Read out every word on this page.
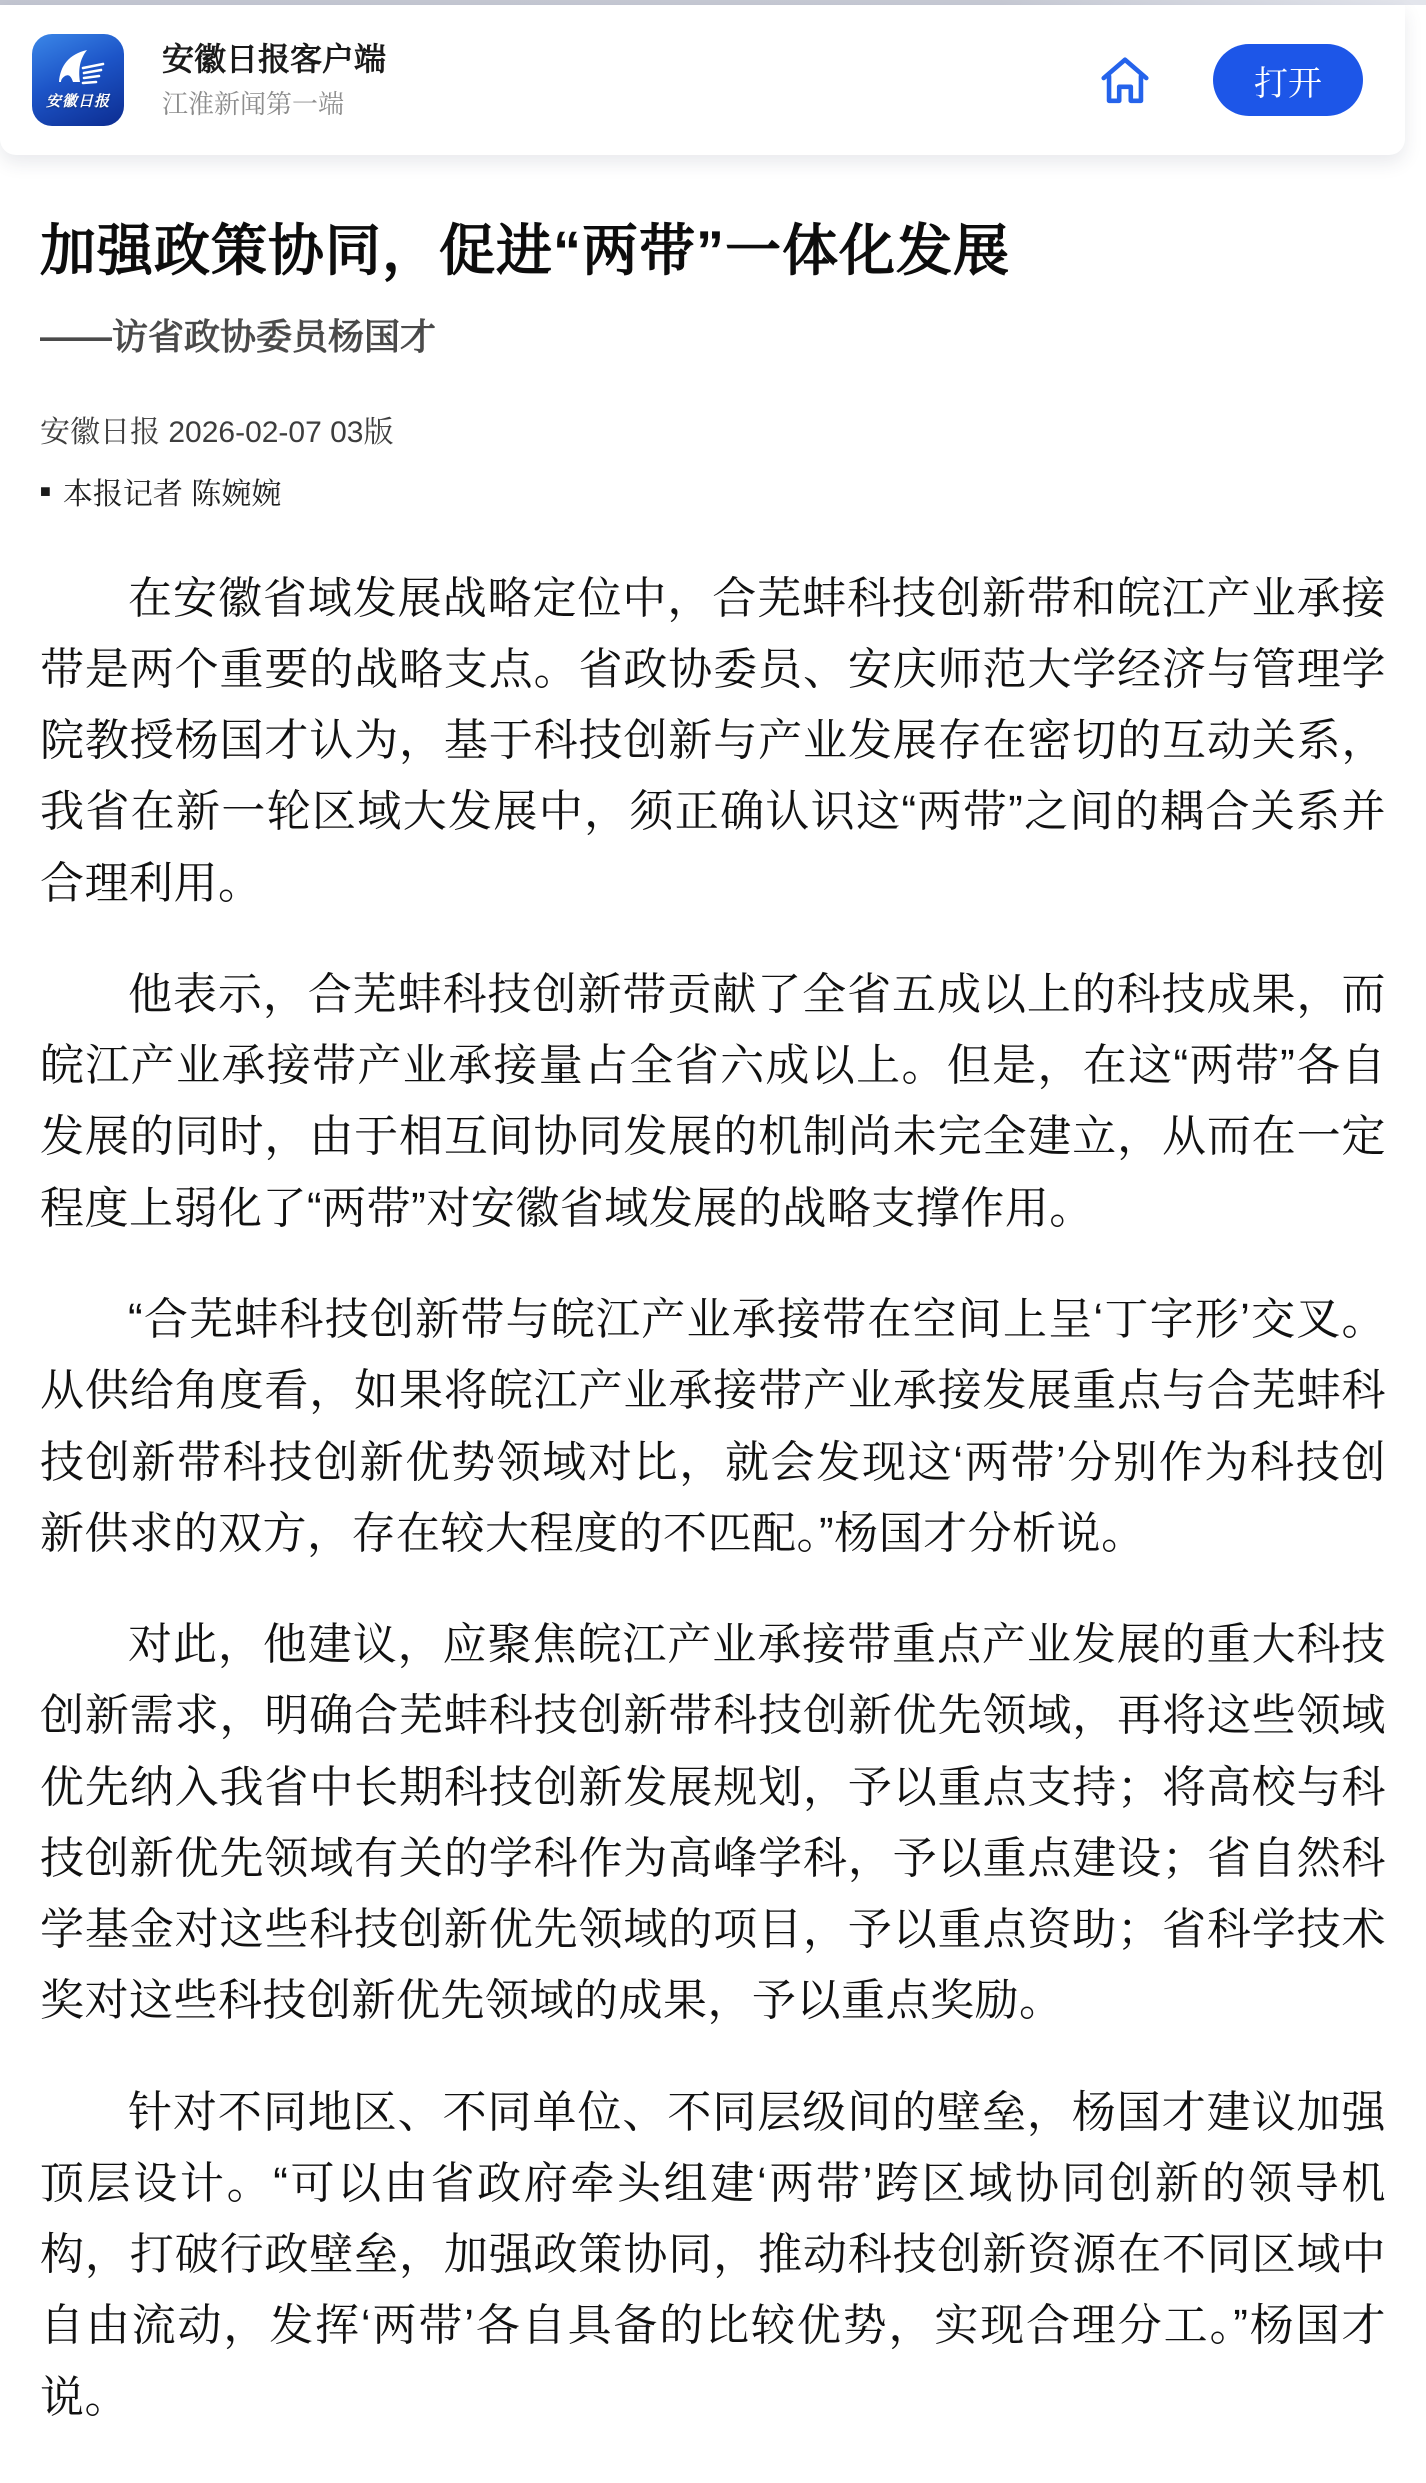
安徽日报
安徽日报客户端
江淮新闻第一端
打开
加强政策协同，促进“两带”一体化发展
——访省政协委员杨国才
安徽日报 2026-02-07 03版
■ 本报记者 陈婉婉

在安徽省域发展战略定位中，合芜蚌科技创新带和皖江产业承接带是两个重要的战略支点。省政协委员、安庆师范大学经济与管理学院教授杨国才认为，基于科技创新与产业发展存在密切的互动关系，我省在新一轮区域大发展中，须正确认识这“两带”之间的耦合关系并合理利用。

他表示，合芜蚌科技创新带贡献了全省五成以上的科技成果，而皖江产业承接带产业承接量占全省六成以上。但是，在这“两带”各自发展的同时，由于相互间协同发展的机制尚未完全建立，从而在一定程度上弱化了“两带”对安徽省域发展的战略支撑作用。

“合芜蚌科技创新带与皖江产业承接带在空间上呈‘丁字形’交叉。从供给角度看，如果将皖江产业承接带产业承接发展重点与合芜蚌科技创新带科技创新优势领域对比，就会发现这‘两带’分别作为科技创新供求的双方，存在较大程度的不匹配。”杨国才分析说。

对此，他建议，应聚焦皖江产业承接带重点产业发展的重大科技创新需求，明确合芜蚌科技创新带科技创新优先领域，再将这些领域优先纳入我省中长期科技创新发展规划，予以重点支持；将高校与科技创新优先领域有关的学科作为高峰学科，予以重点建设；省自然科学基金对这些科技创新优先领域的项目，予以重点资助；省科学技术奖对这些科技创新优先领域的成果，予以重点奖励。

针对不同地区、不同单位、不同层级间的壁垒，杨国才建议加强顶层设计。“可以由省政府牵头组建‘两带’跨区域协同创新的领导机构，打破行政壁垒，加强政策协同，推动科技创新资源在不同区域中自由流动，发挥‘两带’各自具备的比较优势，实现合理分工。”杨国才说。
